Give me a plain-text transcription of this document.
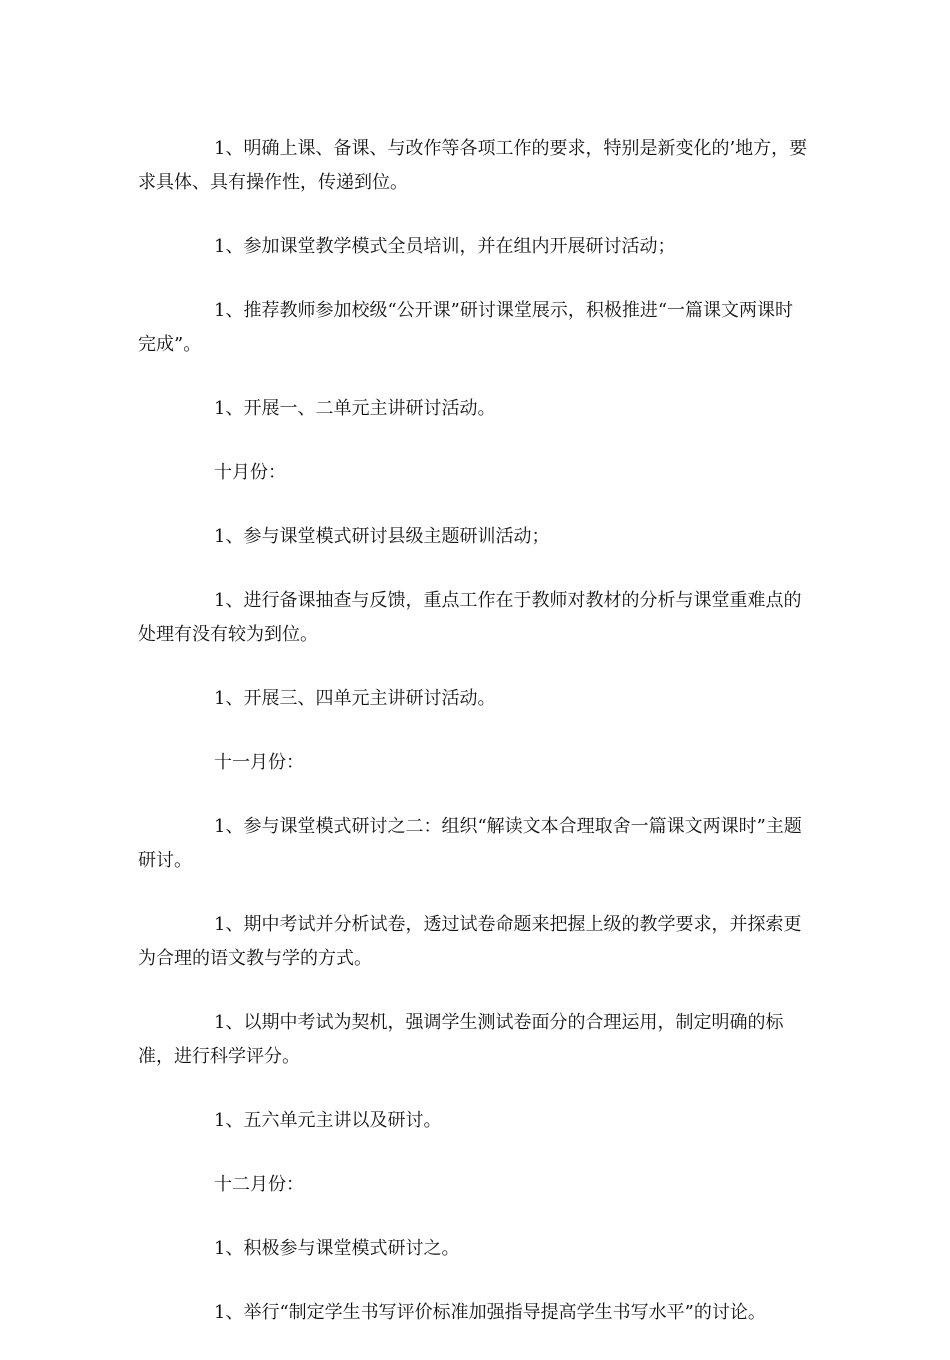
1、明确上课、备课、与改作等各项工作的要求，特别是新变化的’地方，要求具体、具有操作性，传递到位。

1、参加课堂教学模式全员培训，并在组内开展研讨活动；

1、推荐教师参加校级“公开课”研讨课堂展示，积极推进“一篇课文两课时完成”。

1、开展一、二单元主讲研讨活动。

十月份：

1、参与课堂模式研讨县级主题研训活动；

1、进行备课抽查与反馈，重点工作在于教师对教材的分析与课堂重难点的处理有没有较为到位。

1、开展三、四单元主讲研讨活动。

十一月份：

1、参与课堂模式研讨之二：组织“解读文本合理取舍一篇课文两课时”主题研讨。

1、期中考试并分析试卷，透过试卷命题来把握上级的教学要求，并探索更为合理的语文教与学的方式。

1、以期中考试为契机，强调学生测试卷面分的合理运用，制定明确的标准，进行科学评分。

1、五六单元主讲以及研讨。

十二月份：

1、积极参与课堂模式研讨之。

1、举行“制定学生书写评价标准加强指导提高学生书写水平”的讨论。
